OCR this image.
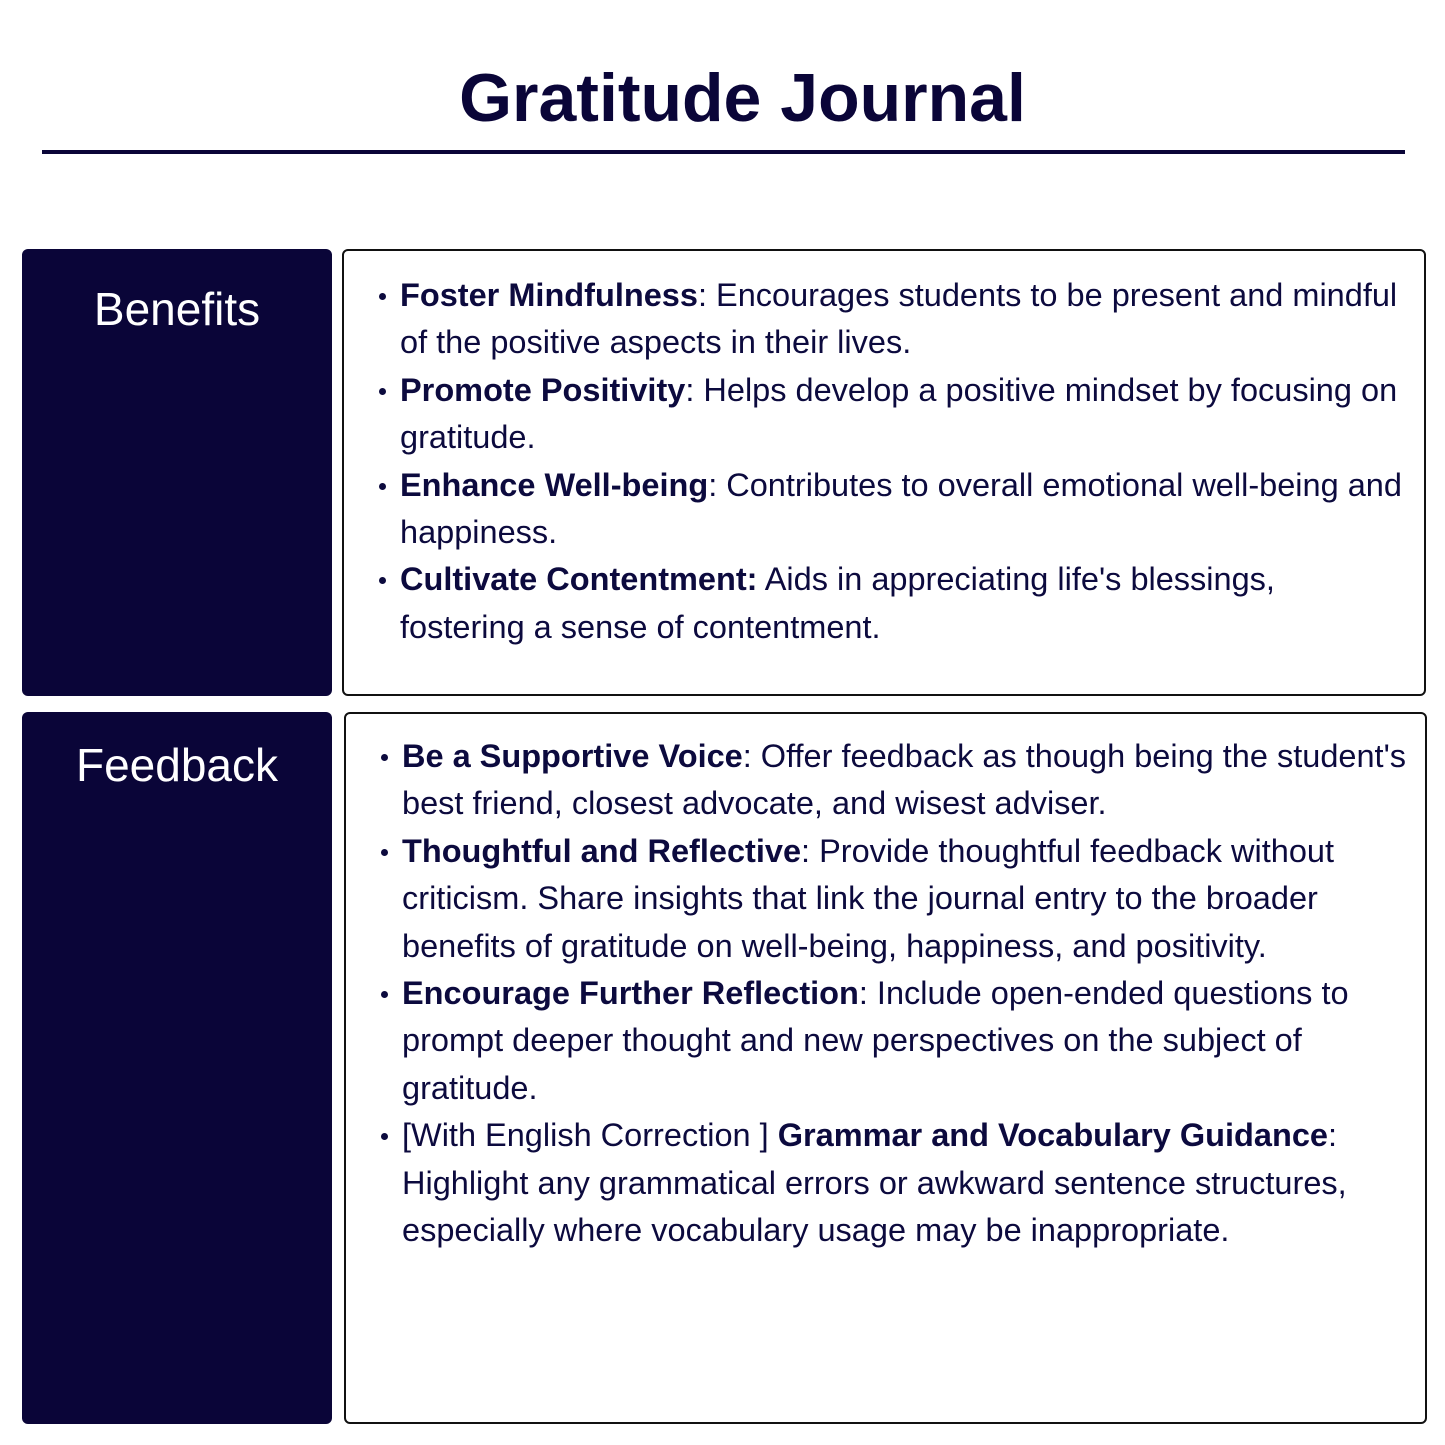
Gratitude Journal
Benefits	Foster Mindfulness: Encourages students to be present and mindful of the positive aspects in their lives.
Promote Positivity: Helps develop a positive mindset by focusing on gratitude.
Enhance Well-being: Contributes to overall emotional well-being and happiness.
Cultivate Contentment: Aids in appreciating life's blessings, fostering a sense of contentment.
Feedback	Be a Supportive Voice: Offer feedback as though being the student's best friend, closest advocate, and wisest adviser.
Thoughtful and Reflective: Provide thoughtful feedback without criticism. Share insights that link the journal entry to the broader benefits of gratitude on well-being, happiness, and positivity.
Encourage Further Reflection: Include open-ended questions to prompt deeper thought and new perspectives on the subject of gratitude.
[With English Correction ] Grammar and Vocabulary Guidance: Highlight any grammatical errors or awkward sentence structures, especially where vocabulary usage may be inappropriate.
